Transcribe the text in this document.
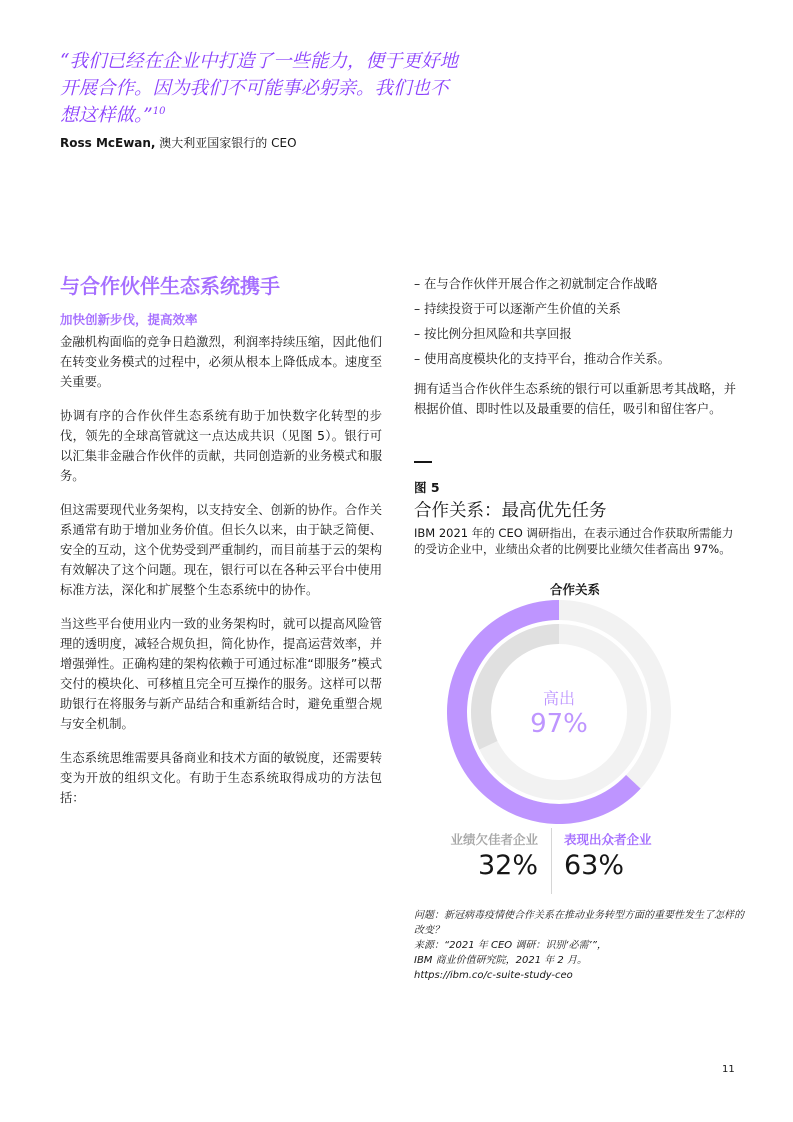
“我们已经在企业中打造了一些能力，便于更好地开展合作。因为我们不可能事必躬亲。我们也不想这样做。”$^{10}$
Ross McEwan, 澳大利亚国家银行的 CEO
与合作伙伴生态系统携手
加快创新步伐，提高效率

金融机构面临的竞争日趋激烈，利润率持续压缩，因此他们在转变业务模式的过程中，必须从根本上降低成本。速度至关重要。

协调有序的合作伙伴生态系统有助于加快数字化转型的步伐，领先的全球高管就这一点达成共识（见图 5）。银行可以汇集非金融合作伙伴的贡献，共同创造新的业务模式和服务。

但这需要现代业务架构，以支持安全、创新的协作。合作关系通常有助于增加业务价值。但长久以来，由于缺乏简便、安全的互动，这个优势受到严重制约，而目前基于云的架构有效解决了这个问题。现在，银行可以在各种云平台中使用标准方法，深化和扩展整个生态系统中的协作。

当这些平台使用业内一致的业务架构时，就可以提高风险管理的透明度，减轻合规负担，简化协作，提高运营效率，并增强弹性。正确构建的架构依赖于可通过标准“即服务”模式交付的模块化、可移植且完全可互操作的服务。这样可以帮助银行在将服务与新产品结合和重新结合时，避免重塑合规与安全机制。

生态系统思维需要具备商业和技术方面的敏锐度，还需要转变为开放的组织文化。有助于生态系统取得成功的方法包括：

– 在与合作伙伴开展合作之初就制定合作战略
– 持续投资于可以逐渐产生价值的关系
– 按比例分担风险和共享回报
– 使用高度模块化的支持平台，推动合作关系。

拥有适当合作伙伴生态系统的银行可以重新思考其战略，并根据价值、即时性以及最重要的信任，吸引和留住客户。

图 5
合作关系：最高优先任务

IBM 2021 年的 CEO 调研指出，在表示通过合作获取所需能力的受访企业中，业绩出众者的比例要比业绩欠佳者高出 97%。

合作关系
高出
97%
业绩欠佳者企业 表现出众者企业
32% 63%

问题：新冠病毒疫情使合作关系在推动业务转型方面的重要性发生了怎样的改变？
来源：“2021 年 CEO 调研：识别‘必需’”，
IBM 商业价值研究院，2021 年 2 月。
https://ibm.co/c-suite-study-ceo

11
